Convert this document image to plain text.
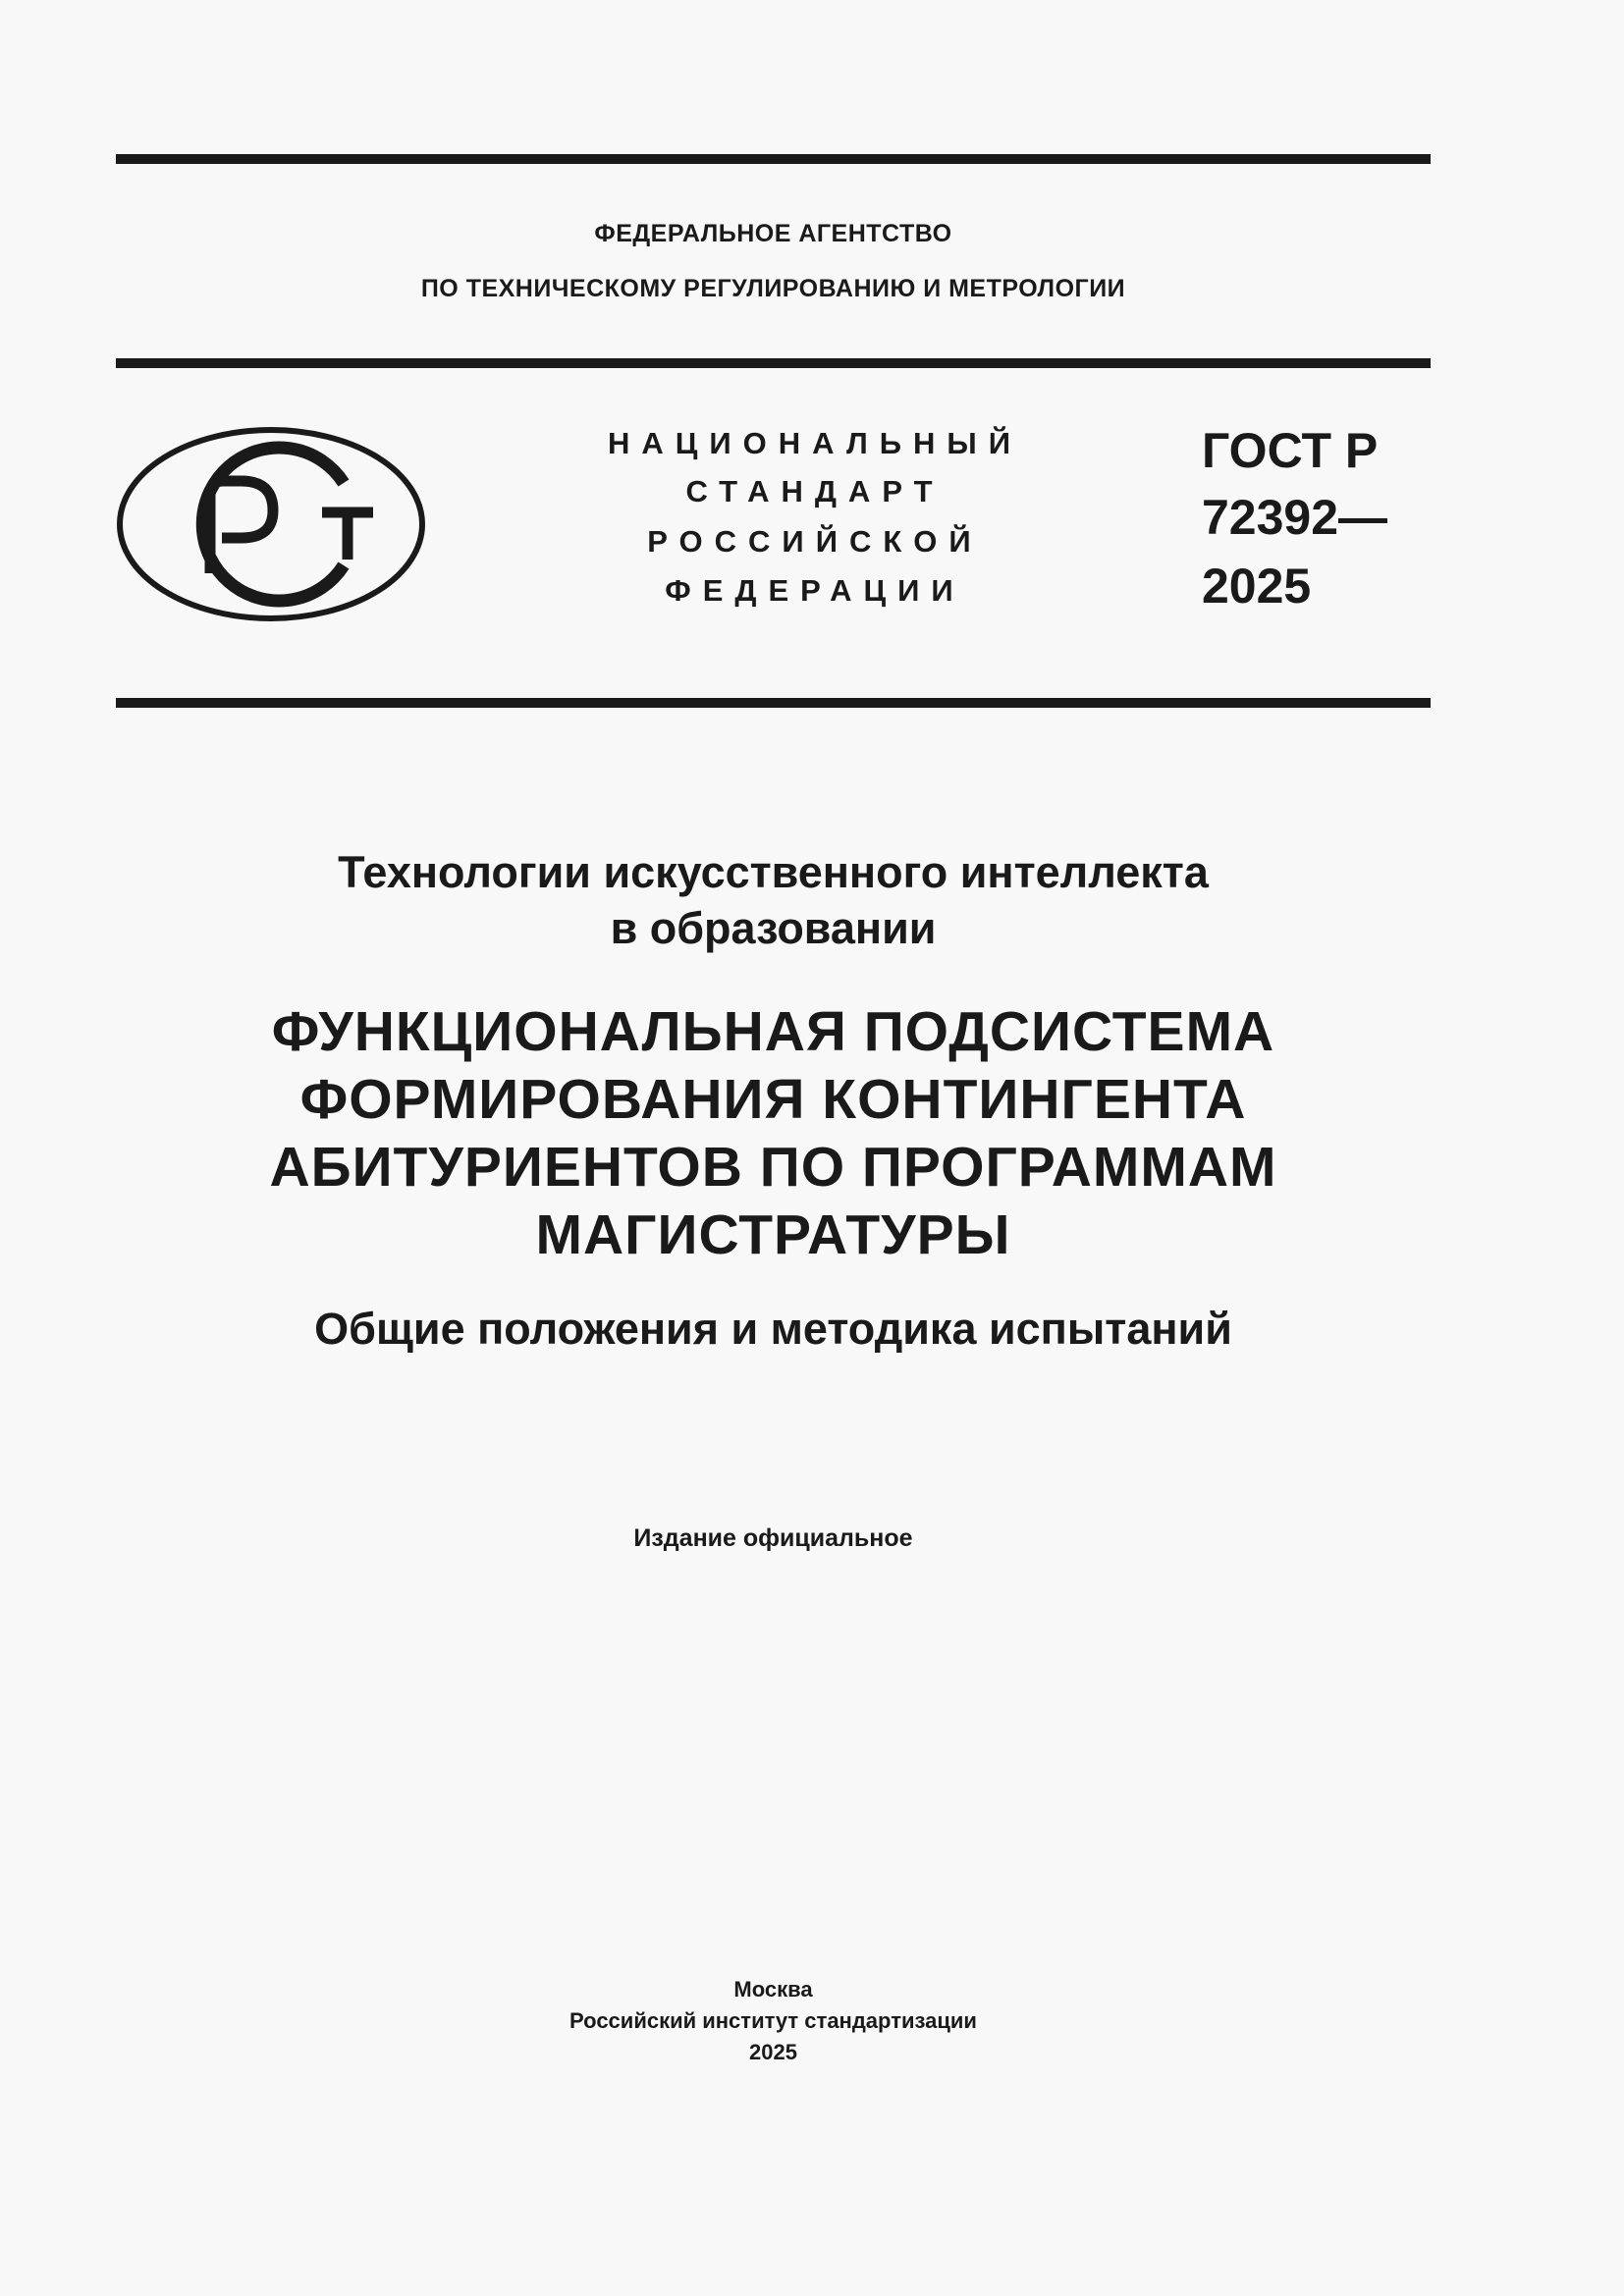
ФЕДЕРАЛЬНОЕ АГЕНТСТВО
ПО ТЕХНИЧЕСКОМУ РЕГУЛИРОВАНИЮ И МЕТРОЛОГИИ
НАЦИОНАЛЬНЫЙ
СТАНДАРТ
РОССИЙСКОЙ
ФЕДЕРАЦИИ
ГОСТ Р
72392—
2025
Технологии искусственного интеллекта
в образовании
ФУНКЦИОНАЛЬНАЯ ПОДСИСТЕМА
ФОРМИРОВАНИЯ КОНТИНГЕНТА
АБИТУРИЕНТОВ ПО ПРОГРАММАМ
МАГИСТРАТУРЫ
Общие положения и методика испытаний
Издание официальное
Москва
Российский институт стандартизации
2025
